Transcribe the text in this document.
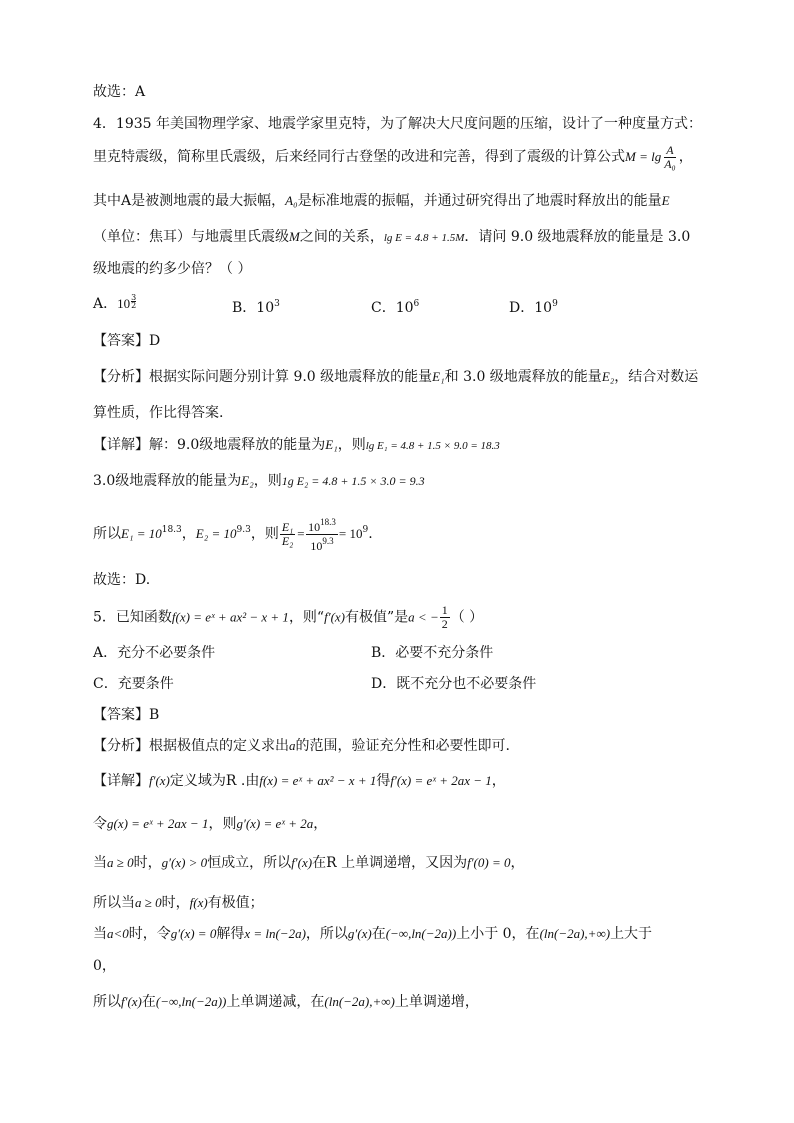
故选：A
4．1935 年美国物理学家、地震学家里克特，为了解决大尺度问题的压缩，设计了一种度量方式：
里克特震级，简称里氏震级，后来经同行古登堡的改进和完善，得到了震级的计算公式$M = \lg \frac{A}{\text{A₀}}$ ，
其中A是被测地震的最大振幅，A₀是标准地震的振幅，并通过研究得出了地震时释放出的能量E
（单位：焦耳）与地震里氏震级M之间的关系，lg E = 4.8 + 1.5M．请问 9.0 级地震释放的能量是 3.0
级地震的约多少倍？（ ）
A．$10 \frac{3}{2}$	B．$10^3$	C．$10^6$	D．$10^9$
【答案】D
【分析】根据实际问题分别计算 9.0 级地震释放的能量E₁和 3.0 级地震释放的能量E₂，结合对数运
算性质，作比得答案.
【详解】解：9.0级地震释放的能量为E₁，则lg E₁ = 4.8 + 1.5 × 9.0 = 18.3
3.0级地震释放的能量为E₂，则1g E₂ = 4.8 + 1.5 × 3.0 = 9.3
所以$E_1 = 10^{18.3}$，$E_2 = 10^{9.3}$，则 $\frac{\text{E₁}}{\text{E₂}} = \frac{10^{18.3}}{10^{9.3}} = 10^9$.
故选：D.
5．已知函数f(x) = eˣ + ax² − x + 1，则“f′(x)有极值”是a < − $\frac{1}{2}$ （ ）
A．充分不必要条件	B．必要不充分条件
C．充要条件	D．既不充分也不必要条件
【答案】B
【分析】根据极值点的定义求出a的范围，验证充分性和必要性即可.
【详解】f′(x)定义域为R .由f(x) = eˣ + ax² − x + 1得f′(x) = eˣ + 2ax − 1，
令g(x) = eˣ + 2ax − 1，则g′(x) = eˣ + 2a，
当a ≥ 0时，g′(x) > 0恒成立，所以f′(x)在R 上单调递增，又因为f′(0) = 0，
所以当a ≥ 0时，f(x)有极值；
当a<0时，令g′(x) = 0解得x = ln(−2a)，所以g′(x)在(−∞,ln(−2a))上小于 0，在(ln(−2a),+∞)上大于
0，
所以f′(x)在(−∞,ln(−2a))上单调递减，在(ln(−2a),+∞)上单调递增，
